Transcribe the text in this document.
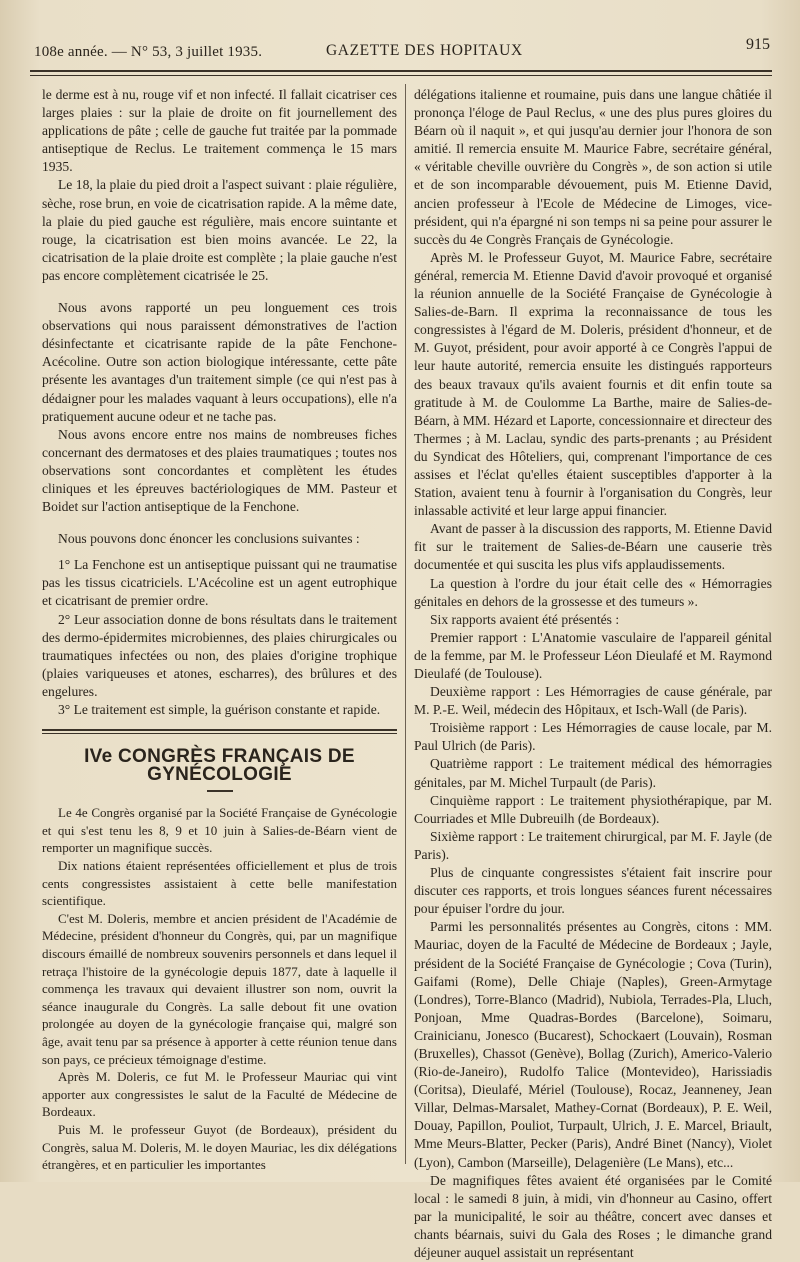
108e année. — N° 53, 3 juillet 1935.	GAZETTE DES HOPITAUX	915

le derme est à nu, rouge vif et non infecté. Il fallait cicatriser ces larges plaies : sur la plaie de droite on fit journellement des applications de pâte ; celle de gauche fut traitée par la pommade antiseptique de Reclus. Le traitement commença le 15 mars 1935.

Le 18, la plaie du pied droit a l'aspect suivant : plaie régulière, sèche, rose brun, en voie de cicatrisation rapide. A la même date, la plaie du pied gauche est régulière, mais encore suintante et rouge, la cicatrisation est bien moins avancée. Le 22, la cicatrisation de la plaie droite est complète ; la plaie gauche n'est pas encore complètement cicatrisée le 25.

Nous avons rapporté un peu longuement ces trois observations qui nous paraissent démonstratives de l'action désinfectante et cicatrisante rapide de la pâte Fenchone-Acécoline. Outre son action biologique intéressante, cette pâte présente les avantages d'un traitement simple (ce qui n'est pas à dédaigner pour les malades vaquant à leurs occupations), elle n'a pratiquement aucune odeur et ne tache pas.

Nous avons encore entre nos mains de nombreuses fiches concernant des dermatoses et des plaies traumatiques ; toutes nos observations sont concordantes et complètent les études cliniques et les épreuves bactériologiques de MM. Pasteur et Boidet sur l'action antiseptique de la Fenchone.

Nous pouvons donc énoncer les conclusions suivantes :

1° La Fenchone est un antiseptique puissant qui ne traumatise pas les tissus cicatriciels. L'Acécoline est un agent eutrophique et cicatrisant de premier ordre.

2° Leur association donne de bons résultats dans le traitement des dermo-épidermites microbiennes, des plaies chirurgicales ou traumatiques infectées ou non, des plaies d'origine trophique (plaies variqueuses et atones, escharres), des brûlures et des engelures.

3° Le traitement est simple, la guérison constante et rapide.

IVe CONGRÈS FRANÇAIS DE GYNÉCOLOGIE

Le 4e Congrès organisé par la Société Française de Gynécologie et qui s'est tenu les 8, 9 et 10 juin à Salies-de-Béarn vient de remporter un magnifique succès.

Dix nations étaient représentées officiellement et plus de trois cents congressistes assistaient à cette belle manifestation scientifique.

C'est M. Doleris, membre et ancien président de l'Académie de Médecine, président d'honneur du Congrès, qui, par un magnifique discours émaillé de nombreux souvenirs personnels et dans lequel il retraça l'histoire de la gynécologie depuis 1877, date à laquelle il commença les travaux qui devaient illustrer son nom, ouvrit la séance inaugurale du Congrès. La salle debout fit une ovation prolongée au doyen de la gynécologie française qui, malgré son âge, avait tenu par sa présence à apporter à cette réunion tenue dans son pays, ce précieux témoignage d'estime.

Après M. Doleris, ce fut M. le Professeur Mauriac qui vint apporter aux congressistes le salut de la Faculté de Médecine de Bordeaux.

Puis M. le professeur Guyot (de Bordeaux), président du Congrès, salua M. Doleris, M. le doyen Mauriac, les dix délégations étrangères, et en particulier les importantes

délégations italienne et roumaine, puis dans une langue châtiée il prononça l'éloge de Paul Reclus, « une des plus pures gloires du Béarn où il naquit », et qui jusqu'au dernier jour l'honora de son amitié. Il remercia ensuite M. Maurice Fabre, secrétaire général, « véritable cheville ouvrière du Congrès », de son action si utile et de son incomparable dévouement, puis M. Etienne David, ancien professeur à l'Ecole de Médecine de Limoges, vice-président, qui n'a épargné ni son temps ni sa peine pour assurer le succès du 4e Congrès Français de Gynécologie.

Après M. le Professeur Guyot, M. Maurice Fabre, secrétaire général, remercia M. Etienne David d'avoir provoqué et organisé la réunion annuelle de la Société Française de Gynécologie à Salies-de-Barn. Il exprima la reconnaissance de tous les congressistes à l'égard de M. Doleris, président d'honneur, et de M. Guyot, président, pour avoir apporté à ce Congrès l'appui de leur haute autorité, remercia ensuite les distingués rapporteurs des beaux travaux qu'ils avaient fournis et dit enfin toute sa gratitude à M. de Coulomme La Barthe, maire de Salies-de-Béarn, à MM. Hézard et Laporte, concessionnaire et directeur des Thermes ; à M. Laclau, syndic des parts-prenants ; au Président du Syndicat des Hôteliers, qui, comprenant l'importance de ces assises et l'éclat qu'elles étaient susceptibles d'apporter à la Station, avaient tenu à fournir à l'organisation du Congrès, leur inlassable activité et leur large appui financier.

Avant de passer à la discussion des rapports, M. Etienne David fit sur le traitement de Salies-de-Béarn une causerie très documentée et qui suscita les plus vifs applaudissements.

La question à l'ordre du jour était celle des « Hémorragies génitales en dehors de la grossesse et des tumeurs ».

Six rapports avaient été présentés :

Premier rapport : L'Anatomie vasculaire de l'appareil génital de la femme, par M. le Professeur Léon Dieulafé et M. Raymond Dieulafé (de Toulouse).

Deuxième rapport : Les Hémorragies de cause générale, par M. P.-E. Weil, médecin des Hôpitaux, et Isch-Wall (de Paris).

Troisième rapport : Les Hémorragies de cause locale, par M. Paul Ulrich (de Paris).

Quatrième rapport : Le traitement médical des hémorragies génitales, par M. Michel Turpault (de Paris).

Cinquième rapport : Le traitement physiothérapique, par M. Courriades et Mlle Dubreuilh (de Bordeaux).

Sixième rapport : Le traitement chirurgical, par M. F. Jayle (de Paris).

Plus de cinquante congressistes s'étaient fait inscrire pour discuter ces rapports, et trois longues séances furent nécessaires pour épuiser l'ordre du jour.

Parmi les personnalités présentes au Congrès, citons : MM. Mauriac, doyen de la Faculté de Médecine de Bordeaux ; Jayle, président de la Société Française de Gynécologie ; Cova (Turin), Gaifami (Rome), Delle Chiaje (Naples), Green-Armytage (Londres), Torre-Blanco (Madrid), Nubiola, Terrades-Pla, Lluch, Ponjoan, Mme Quadras-Bordes (Barcelone), Soimaru, Crainicianu, Jonesco (Bucarest), Schockaert (Louvain), Rosman (Bruxelles), Chassot (Genève), Bollag (Zurich), Americo-Valerio (Rio-de-Janeiro), Rudolfo Talice (Montevideo), Harissiadis (Coritsa), Dieulafé, Mériel (Toulouse), Rocaz, Jeanneney, Jean Villar, Delmas-Marsalet, Mathey-Cornat (Bordeaux), P. E. Weil, Douay, Papillon, Pouliot, Turpault, Ulrich, J. E. Marcel, Briault, Mme Meurs-Blatter, Pecker (Paris), André Binet (Nancy), Violet (Lyon), Cambon (Marseille), Delagenière (Le Mans), etc...

De magnifiques fêtes avaient été organisées par le Comité local : le samedi 8 juin, à midi, vin d'honneur au Casino, offert par la municipalité, le soir au théâtre, concert avec danses et chants béarnais, suivi du Gala des Roses ; le dimanche grand déjeuner auquel assistait un représentant
